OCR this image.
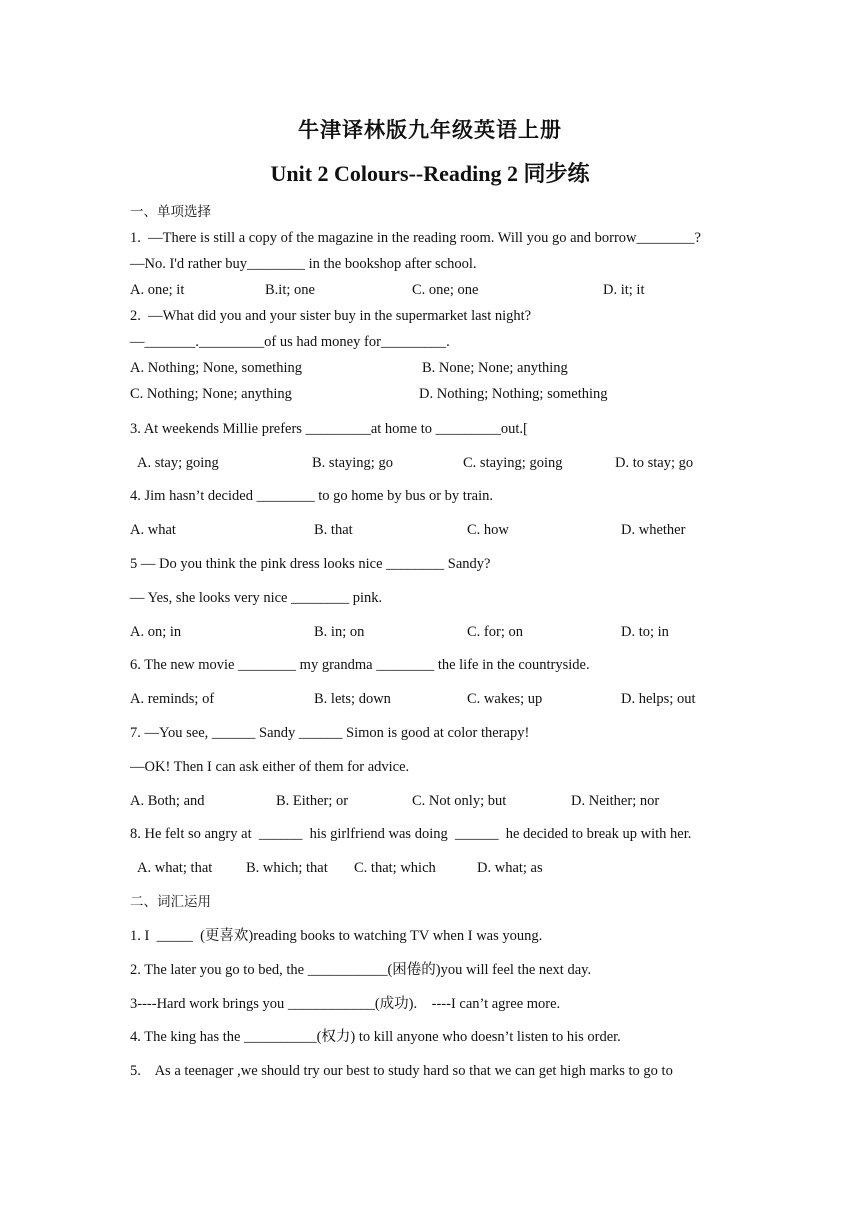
牛津译林版九年级英语上册
Unit 2 Colours--Reading 2 同步练
一、单项选择
1.  —There is still a copy of the magazine in the reading room. Will you go and borrow________?
—No. I'd rather buy________ in the bookshop after school.
A. one; it	B.it; one	C. one; one	D. it; it
2.  —What did you and your sister buy in the supermarket last night?
—_______._________of us had money for_________.
A. Nothing; None, something	B. None; None; anything
C. Nothing; None; anything	D. Nothing; Nothing; something
3. At weekends Millie prefers _________at home to _________out.[
A. stay; going	B. staying; go	C. staying; going	D. to stay; go
4. Jim hasn’t decided ________ to go home by bus or by train.
A. what	B. that	C. how	D. whether
5 — Do you think the pink dress looks nice ________ Sandy?
— Yes, she looks very nice ________ pink.
A. on; in	B. in; on	C. for; on	D. to; in
6. The new movie ________ my grandma ________ the life in the countryside.
A. reminds; of	B. lets; down	C. wakes; up	D. helps; out
7. —You see, ______ Sandy ______ Simon is good at color therapy!
—OK! Then I can ask either of them for advice.
A. Both; and	B. Either; or	C. Not only; but	D. Neither; nor
8. He felt so angry at  ______  his girlfriend was doing  ______  he decided to break up with her.
A. what; that B. which; that C. that; which	D. what; as
二、词汇运用
1. I  _____  (更喜欢)reading books to watching TV when I was young.
2. The later you go to bed, the ___________(困倦的)you will feel the next day.
3----Hard work brings you ____________(成功).    ----I can’t agree more.
4. The king has the __________(权力) to kill anyone who doesn’t listen to his order.
5.    As a teenager ,we should try our best to study hard so that we can get high marks to go to
